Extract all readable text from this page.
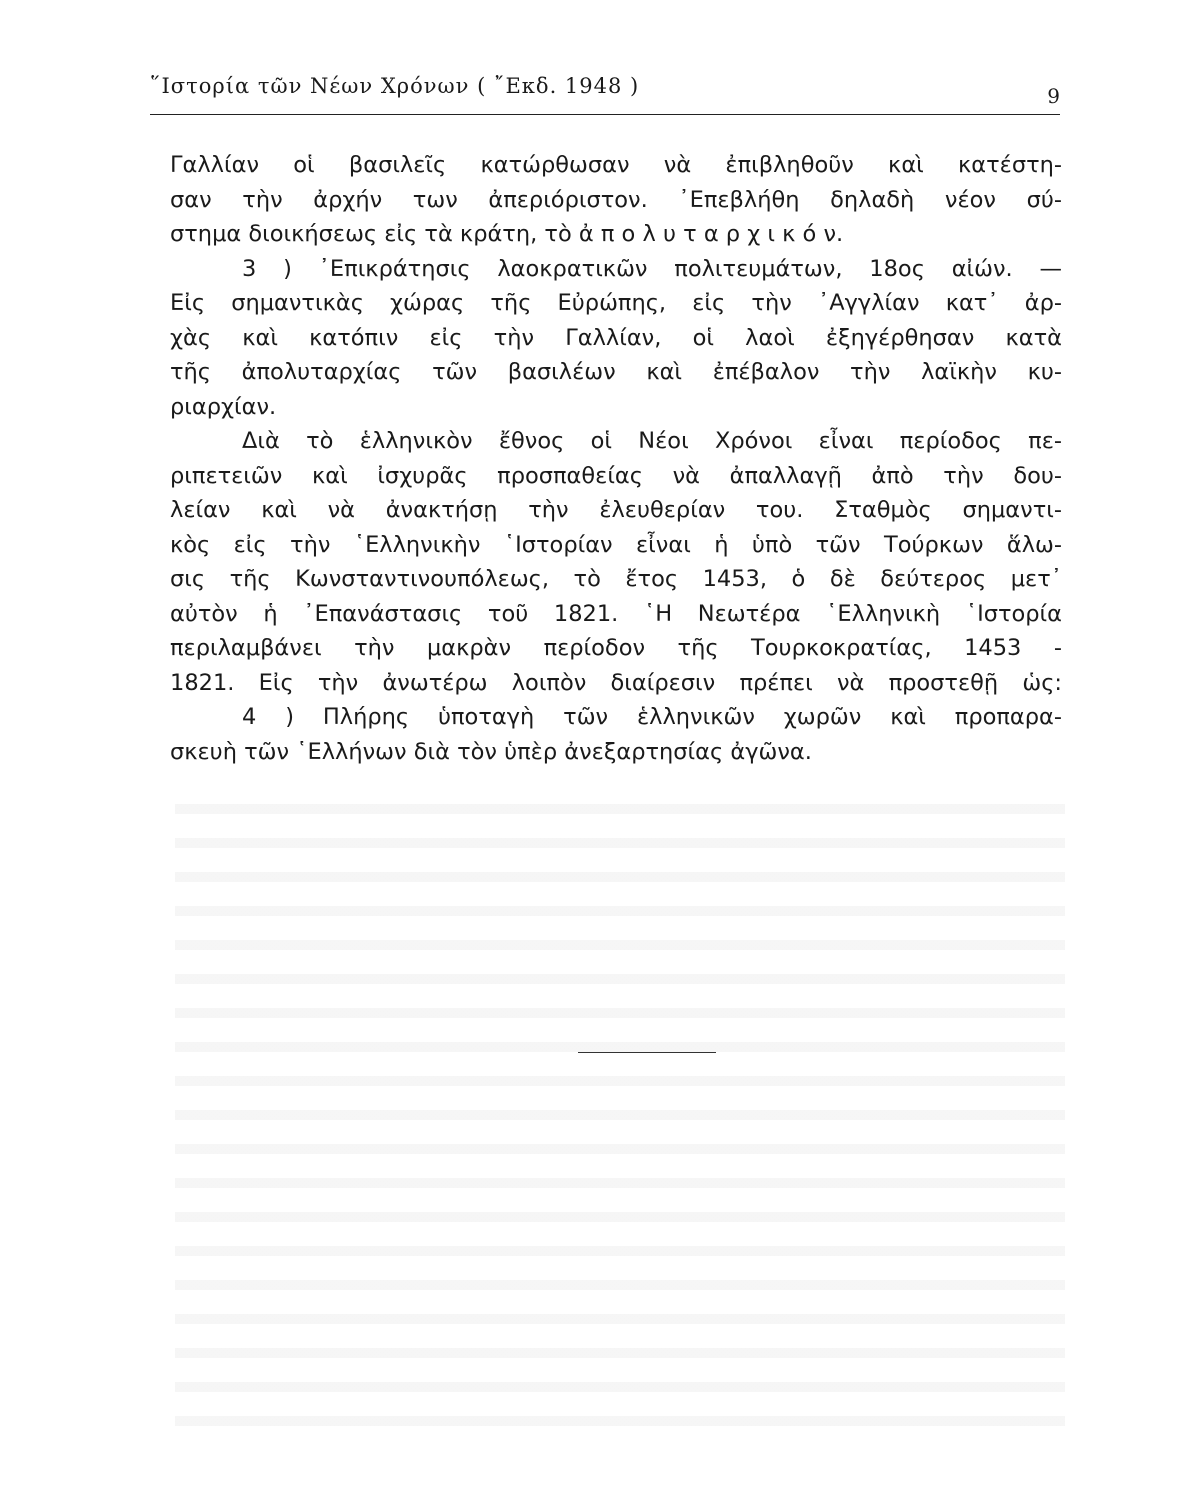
῞Ιστορία τῶν Νέων Χρόνων ( ῎Εκδ. 1948 )	9
Γαλλίαν οἱ βασιλεῖς κατώρθωσαν νὰ ἐπιβληθοῦν καὶ κατέστη-
σαν τὴν ἀρχήν των ἀπεριόριστον. ᾿Επεβλήθη δηλαδὴ νέον σύ-
στημα διοικήσεως εἰς τὰ κράτη, τὸ ἀ π ο λ υ τ α ρ χ ι κ ό ν.
3 ) ᾿Επικράτησις λαοκρατικῶν πολιτευμάτων, 18ος αἰών. —
Εἰς σημαντικὰς χώρας τῆς Εὐρώπης, εἰς τὴν ᾿Αγγλίαν κατ᾿ ἀρ-
χὰς καὶ κατόπιν εἰς τὴν Γαλλίαν, οἱ λαοὶ ἐξηγέρθησαν κατὰ
τῆς ἀπολυταρχίας τῶν βασιλέων καὶ ἐπέβαλον τὴν λαϊκὴν κυ-
ριαρχίαν.
Διὰ τὸ ἑλληνικὸν ἔθνος οἱ Νέοι Χρόνοι εἶναι περίοδος πε-
ριπετειῶν καὶ ἰσχυρᾶς προσπαθείας νὰ ἀπαλλαγῇ ἀπὸ τὴν δου-
λείαν καὶ νὰ ἀνακτήσῃ τὴν ἐλευθερίαν του. Σταθμὸς σημαντι-
κὸς εἰς τὴν ῾Ελληνικὴν ῾Ιστορίαν εἶναι ἡ ὑπὸ τῶν Τούρκων ἅλω-
σις τῆς Κωνσταντινουπόλεως, τὸ ἔτος 1453, ὁ δὲ δεύτερος μετ᾿
αὐτὸν ἡ ᾿Επανάστασις τοῦ 1821. ῾Η Νεωτέρα ῾Ελληνικὴ ῾Ιστορία
περιλαμβάνει τὴν μακρὰν περίοδον τῆς Τουρκοκρατίας, 1453 -
1821. Εἰς τὴν ἀνωτέρω λοιπὸν διαίρεσιν πρέπει νὰ προστεθῇ ὡς:
4 ) Πλήρης ὑποταγὴ τῶν ἑλληνικῶν χωρῶν καὶ προπαρα-
σκευὴ τῶν ῾Ελλήνων διὰ τὸν ὑπὲρ ἀνεξαρτησίας ἀγῶνα.
